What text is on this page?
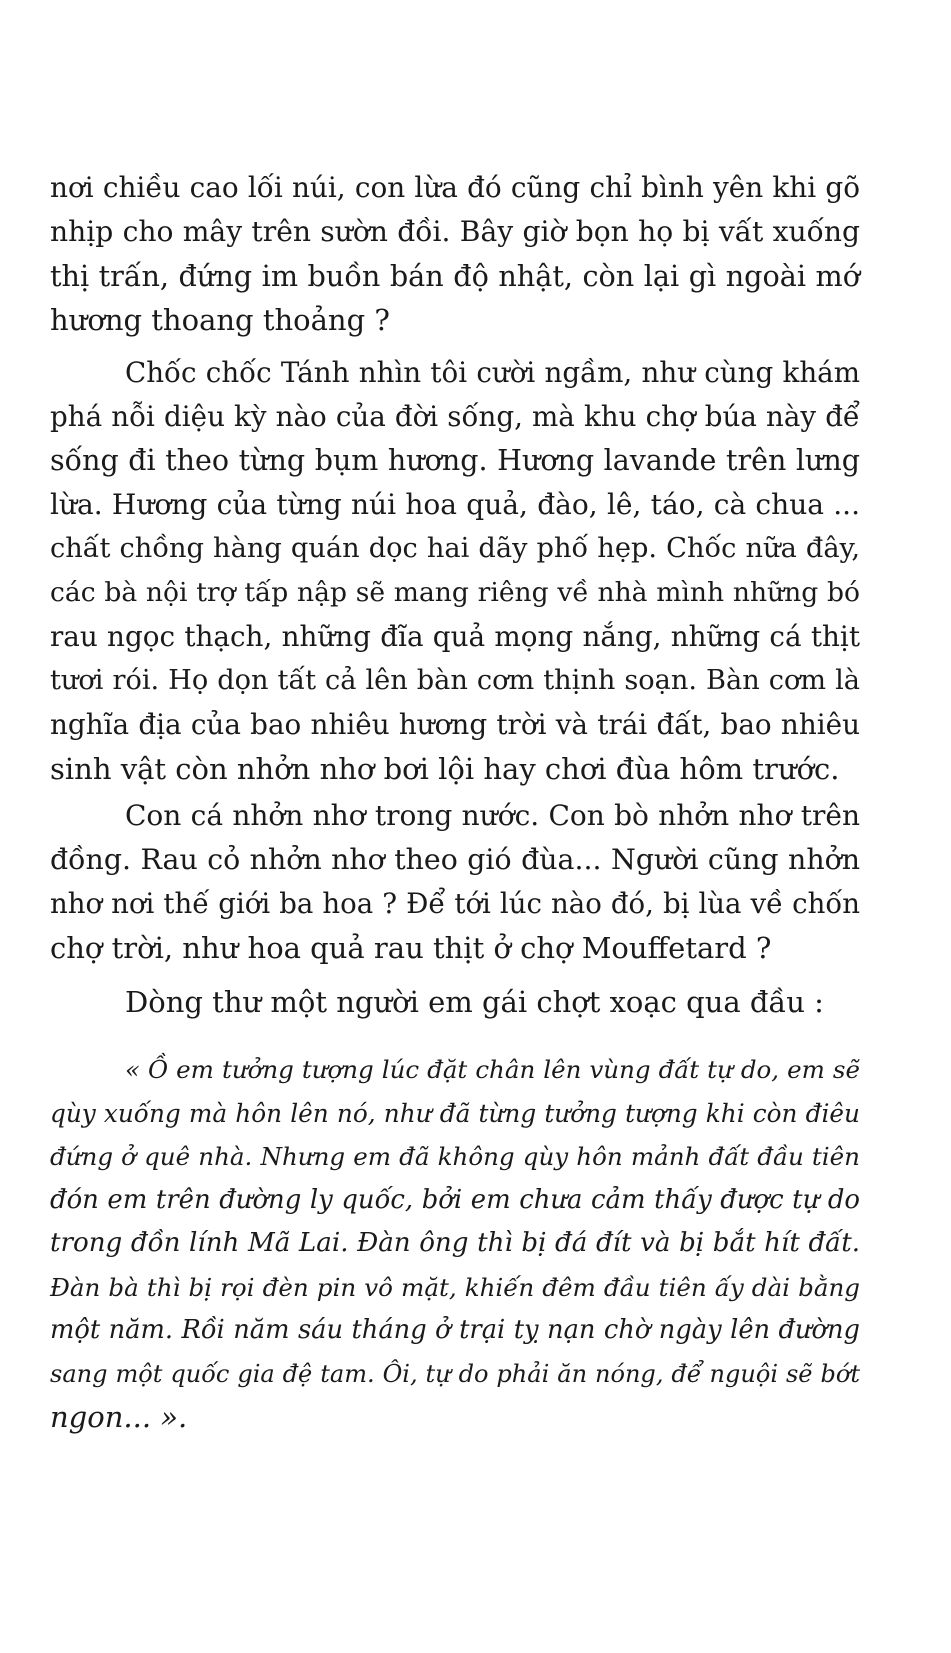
nơi chiều cao lối núi, con lừa đó cũng chỉ bình yên khi gõ
nhịp cho mây trên sườn đồi. Bây giờ bọn họ bị vất xuống
thị trấn, đứng im buồn bán độ nhật, còn lại gì ngoài mớ
hương thoang thoảng ?

Chốc chốc Tánh nhìn tôi cười ngầm, như cùng khám
phá nỗi diệu kỳ nào của đời sống, mà khu chợ búa này để
sống đi theo từng bụm hương. Hương lavande trên lưng
lừa. Hương của từng núi hoa quả, đào, lê, táo, cà chua ...
chất chồng hàng quán dọc hai dãy phố hẹp. Chốc nữa đây,
các bà nội trợ tấp nập sẽ mang riêng về nhà mình những bó
rau ngọc thạch, những đĩa quả mọng nắng, những cá thịt
tươi rói. Họ dọn tất cả lên bàn cơm thịnh soạn. Bàn cơm là
nghĩa địa của bao nhiêu hương trời và trái đất, bao nhiêu
sinh vật còn nhởn nhơ bơi lội hay chơi đùa hôm trước.

Con cá nhởn nhơ trong nước. Con bò nhởn nhơ trên
đồng. Rau cỏ nhởn nhơ theo gió đùa... Người cũng nhởn
nhơ nơi thế giới ba hoa ? Để tới lúc nào đó, bị lùa về chốn
chợ trời, như hoa quả rau thịt ở chợ Mouffetard ?

Dòng thư một người em gái chợt xoạc qua đầu :

« Ồ em tưởng tượng lúc đặt chân lên vùng đất tự do, em sẽ
qùy xuống mà hôn lên nó, như đã từng tưởng tượng khi còn điêu
đứng ở quê nhà. Nhưng em đã không qùy hôn mảnh đất đầu tiên
đón em trên đường ly quốc, bởi em chưa cảm thấy được tự do
trong đồn lính Mã Lai. Đàn ông thì bị đá đít và bị bắt hít đất.
Đàn bà thì bị rọi đèn pin vô mặt, khiến đêm đầu tiên ấy dài bằng
một năm. Rồi năm sáu tháng ở trại tỵ nạn chờ ngày lên đường
sang một quốc gia đệ tam. Ôi, tự do phải ăn nóng, để nguội sẽ bớt
ngon... ».
